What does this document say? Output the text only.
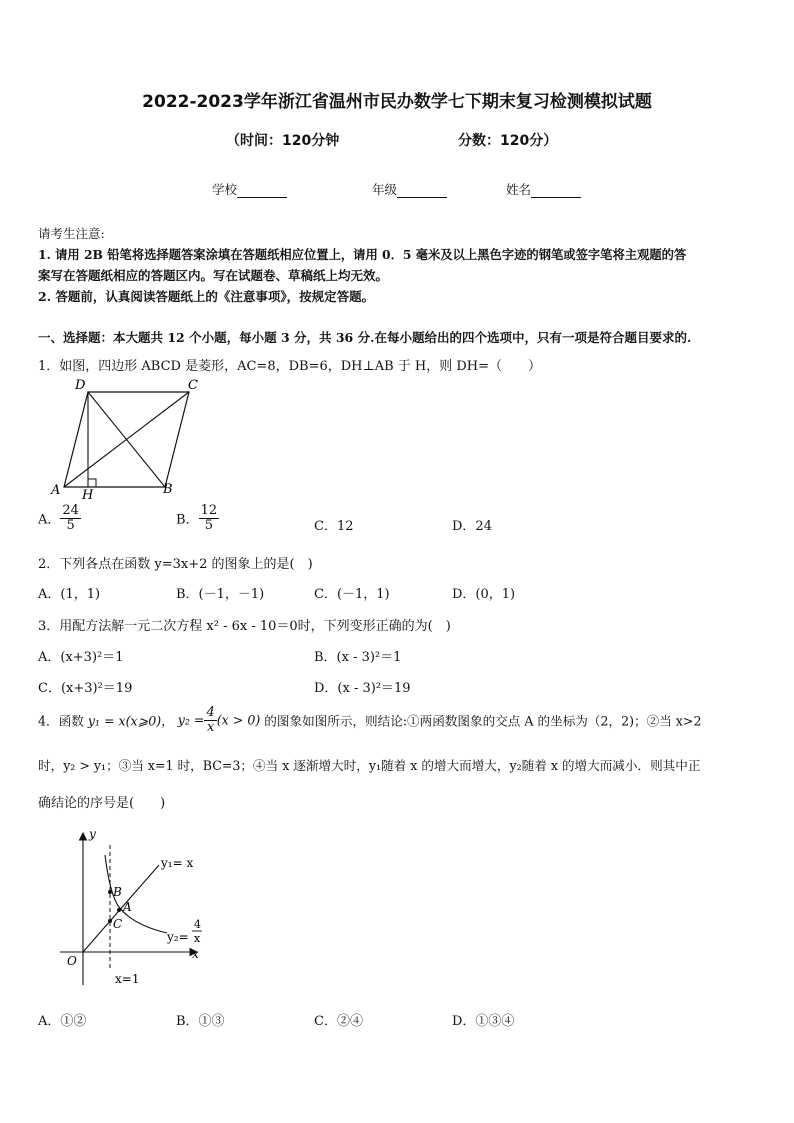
2022-2023学年浙江省温州市民办数学七下期末复习检测模拟试题
（时间：120分钟	分数：120分）
学校	年级	姓名
请考生注意:
1. 请用 2B 铅笔将选择题答案涂填在答题纸相应位置上，请用 0．5 毫米及以上黑色字迹的钢笔或签字笔将主观题的答
案写在答题纸相应的答题区内。写在试题卷、草稿纸上均无效。
2. 答题前，认真阅读答题纸上的《注意事项》，按规定答题。
一、选择题：本大题共 12 个小题，每小题 3 分，共 36 分.在每小题给出的四个选项中，只有一项是符合题目要求的.
1．如图，四边形 ABCD 是菱形，AC=8，DB=6，DH⊥AB 于 H，则 DH=（　　）
D	C
A H	B
A． $\frac{24}{5}$	B． $\frac{12}{5}$	C．12	D．24
2．下列各点在函数 y=3x+2 的图象上的是(　)
A．(1，1)	B．(－1，－1)	C．(－1，1)	D．(0，1)
3．用配方法解一元二次方程 x² - 6x - 10＝0时，下列变形正确的为(　)
A．(x+3)²＝1	B．(x - 3)²＝1
C．(x+3)²＝19	D．(x - 3)²＝19
4．函数 y₁ = x(x⩾0)， $y_2 = \frac{4}{x} (x > 0)$ 的图象如图所示，则结论:①两函数图象的交点 A 的坐标为（2，2)；②当 x>2
时，y₂ > y₁；③当 x=1 时，BC=3；④当 x 逐渐增大时，y₁随着 x 的增大而增大，y₂随着 x 的增大而减小．则其中正
确结论的序号是(　　)
y
x
O
B
A
C
y₁= x
y₂=
4
x
x=1
A．①②	B．①③	C．②④	D．①③④
